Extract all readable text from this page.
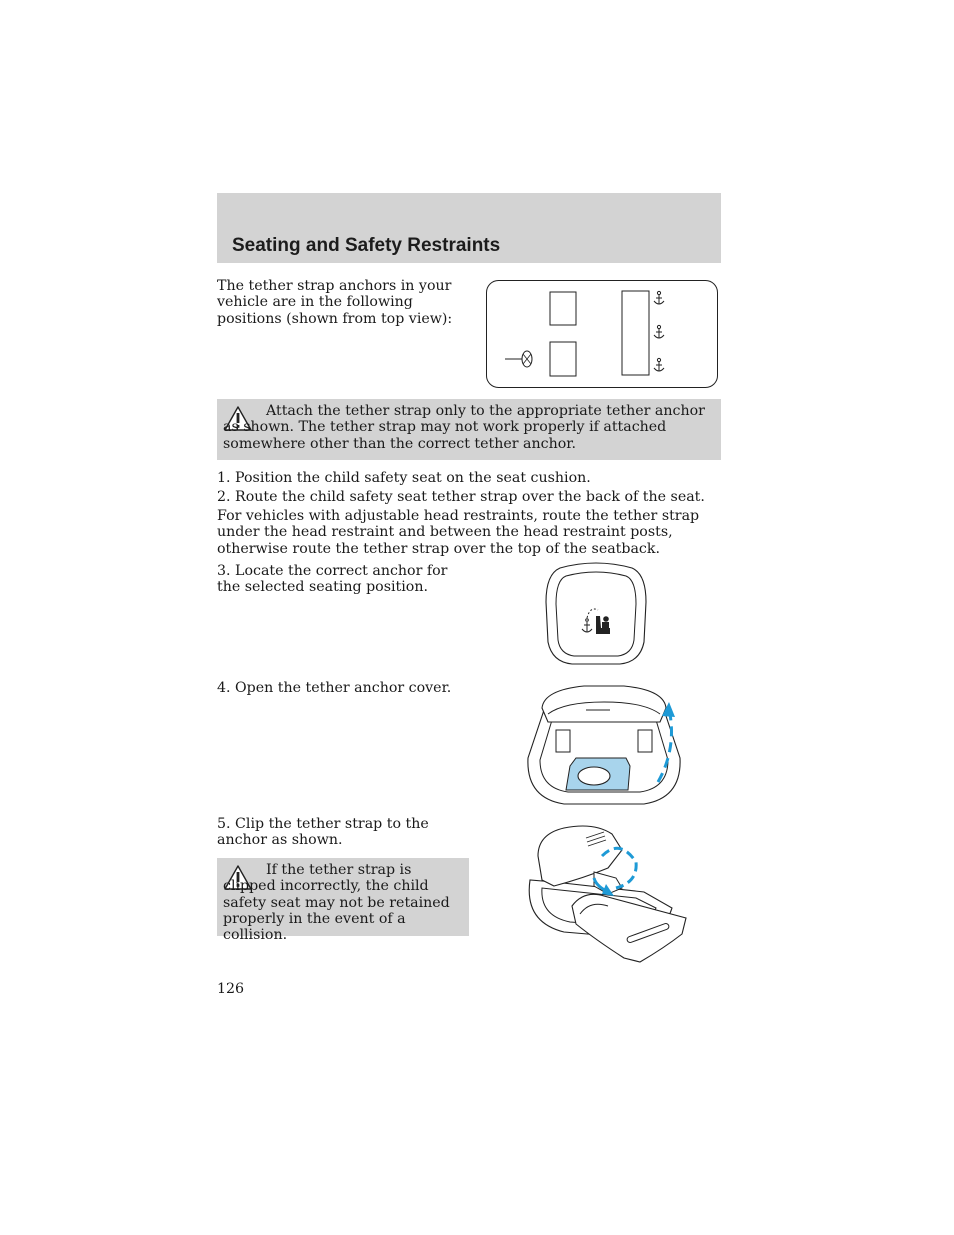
Seating and Safety Restraints

The tether strap anchors in your vehicle are in the following positions (shown from top view):

Attach the tether strap only to the appropriate tether anchor as shown. The tether strap may not work properly if attached somewhere other than the correct tether anchor.

1. Position the child safety seat on the seat cushion.

2. Route the child safety seat tether strap over the back of the seat.

For vehicles with adjustable head restraints, route the tether strap under the head restraint and between the head restraint posts, otherwise route the tether strap over the top of the seatback.

3. Locate the correct anchor for the selected seating position.

4. Open the tether anchor cover.

5. Clip the tether strap to the anchor as shown.

If the tether strap is clipped incorrectly, the child safety seat may not be retained properly in the event of a collision.

126
